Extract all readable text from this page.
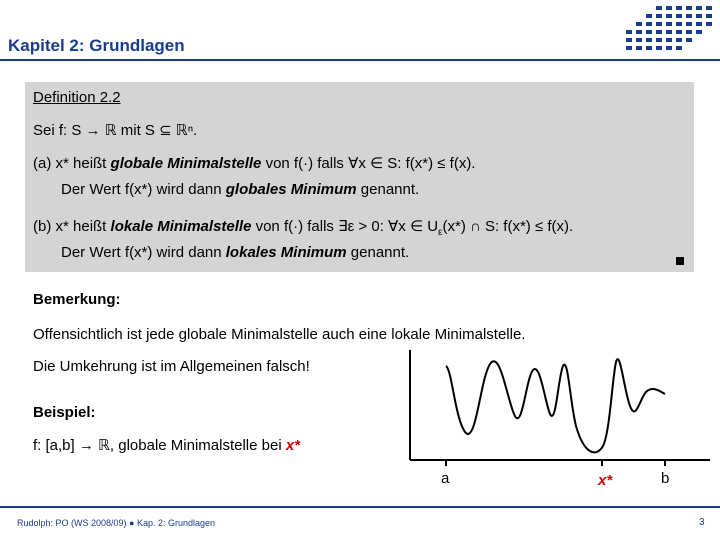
Kapitel 2: Grundlagen
Definition 2.2
Sei f: S → ℝ mit S ⊆ ℝⁿ.
(a) x* heißt globale Minimalstelle von f(·) falls ∀x ∈ S: f(x*) ≤ f(x).
Der Wert f(x*) wird dann globales Minimum genannt.
(b) x* heißt lokale Minimalstelle von f(·) falls ∃ε > 0: ∀x ∈ $U_\varepsilon(x*)$ ∩ S: f(x*) ≤ f(x).
Der Wert f(x*) wird dann lokales Minimum genannt.
Bemerkung:
Offensichtlich ist jede globale Minimalstelle auch eine lokale Minimalstelle.
Die Umkehrung ist im Allgemeinen falsch!
Beispiel:
f: [a,b] → ℝ, globale Minimalstelle bei x*
a	x*	b
Rudolph: PO (WS 2008/09) ● Kap. 2: Grundlagen	3
